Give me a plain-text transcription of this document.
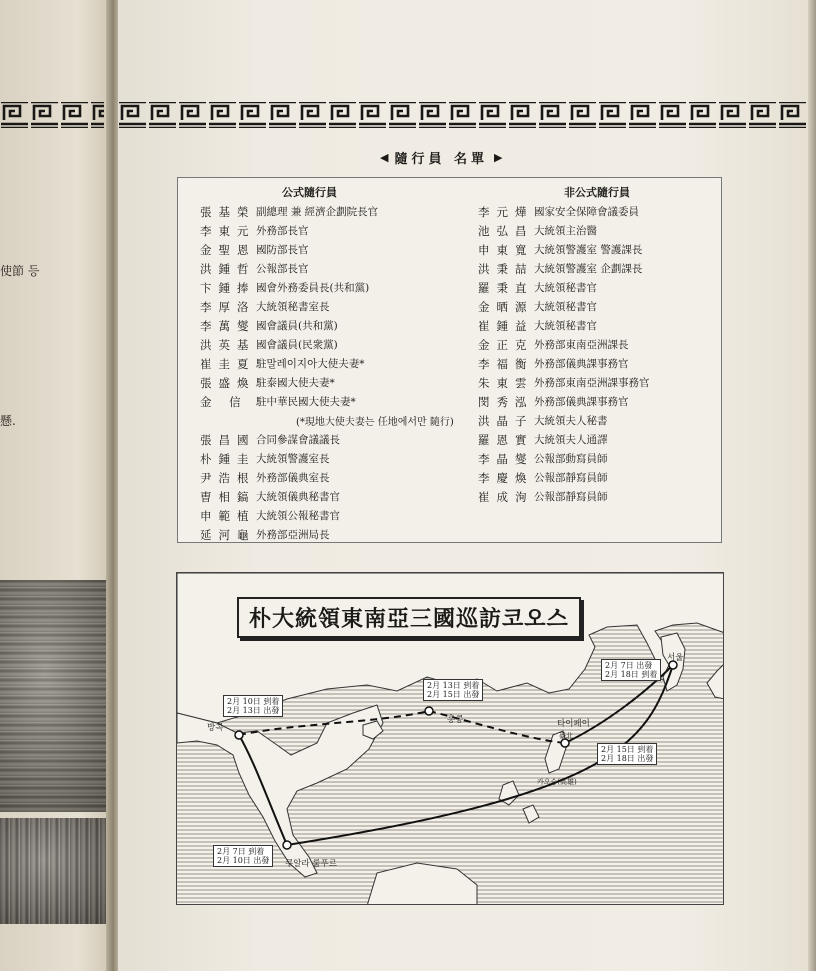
使節 등
懸.
◀ 隨行員 名單 ▶
公式隨行員	非公式隨行員
張基榮 副總理 兼 經濟企劃院長官
李東元 外務部長官
金聖恩 國防部長官
洪鍾哲 公報部長官
卞鍾捧 國會外務委員長(共和黨)
李厚洛 大統領秘書室長
李萬燮 國會議員(共和黨)
洪英基 國會議員(民衆黨)
崔圭夏 駐말레이지아大使夫妻*
張盛煥 駐泰國大使夫妻*
金 信 駐中華民國大使夫妻*
(*現地大使夫妻는 任地에서만 隨行)
張昌國 合同參謀會議議長
朴鍾圭 大統領警護室長
尹浩根 外務部儀典室長
曺相鎬 大統領儀典秘書官
申範植 大統領公報秘書官
延河龜 外務部亞洲局長
李元燁 國家安全保障會議委員
池弘昌 大統領主治醫
申東寬 大統領警護室 警護課長
洪秉喆 大統領警護室 企劃課長
羅秉直 大統領秘書官
金晒源 大統領秘書官
崔鍾益 大統領秘書官
金正克 外務部東南亞洲課長
李福衡 外務部儀典課事務官
朱東雲 外務部東南亞洲課事務官
閔秀泓 外務部儀典課事務官
洪晶子 大統領夫人秘書
羅恩實 大統領夫人通譯
李晶燮 公報部動寫員師
李慶煥 公報部靜寫員師
崔成洵 公報部靜寫員師
朴大統領東南亞三國巡訪코오스
2月 7日 出發
2月 18日 到着
2月 13日 到着
2月 15日 出發
2月 10日 到着
2月 13日 出發
2月 15日 到着
2月 18日 出發
2月 7日 到着
2月 10日 出發
서울
홍콩	타이페이
臺北
카오슝(高雄)
방콕
쿠알라 룸푸르
